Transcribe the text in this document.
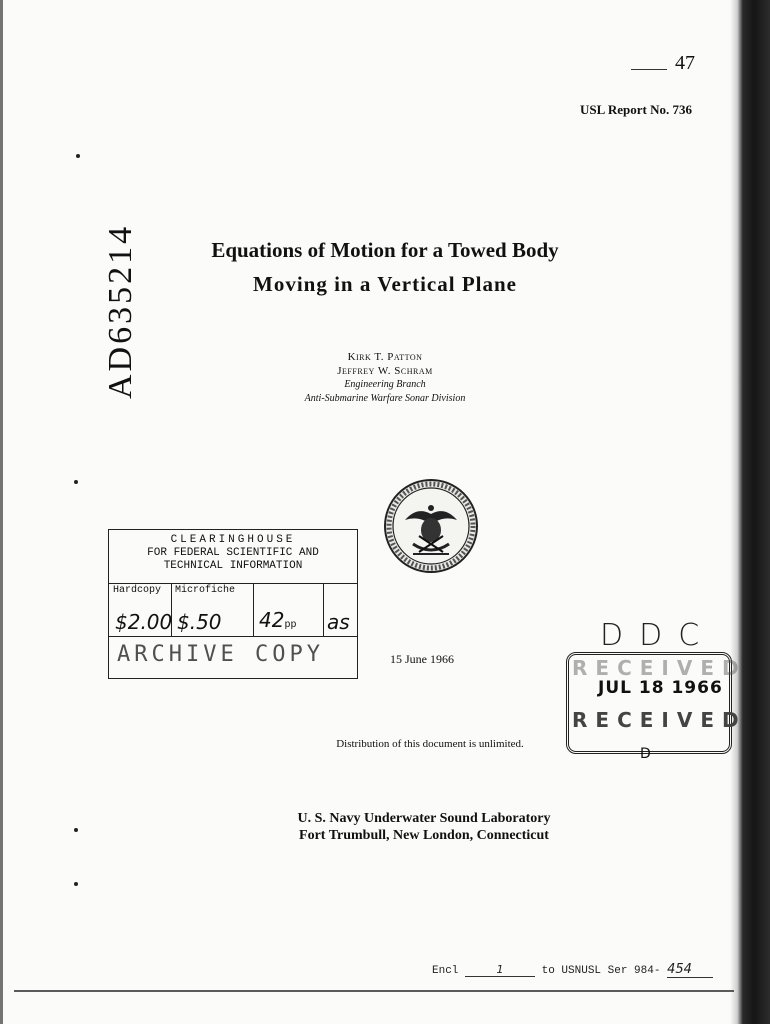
47
USL Report No. 736
AD635214	Equations of Motion for a Towed Body
Moving in a Vertical Plane
Kirk T. Patton
Jeffrey W. Schram
Engineering Branch
Anti-Submarine Warfare Sonar Division
CLEARINGHOUSE
FOR FEDERAL SCIENTIFIC AND
TECHNICAL INFORMATION
Hardcopy Microfiche
$2.00 $.50 42pp as
ARCHIVE COPY	15 June 1966
DDC
RECEIVED
JUL 18 1966
RECEIVED
D
Distribution of this document is unlimited.
U. S. Navy Underwater Sound Laboratory
Fort Trumbull, New London, Connecticut
Encl	1	to USNUSL Ser 984- 454
